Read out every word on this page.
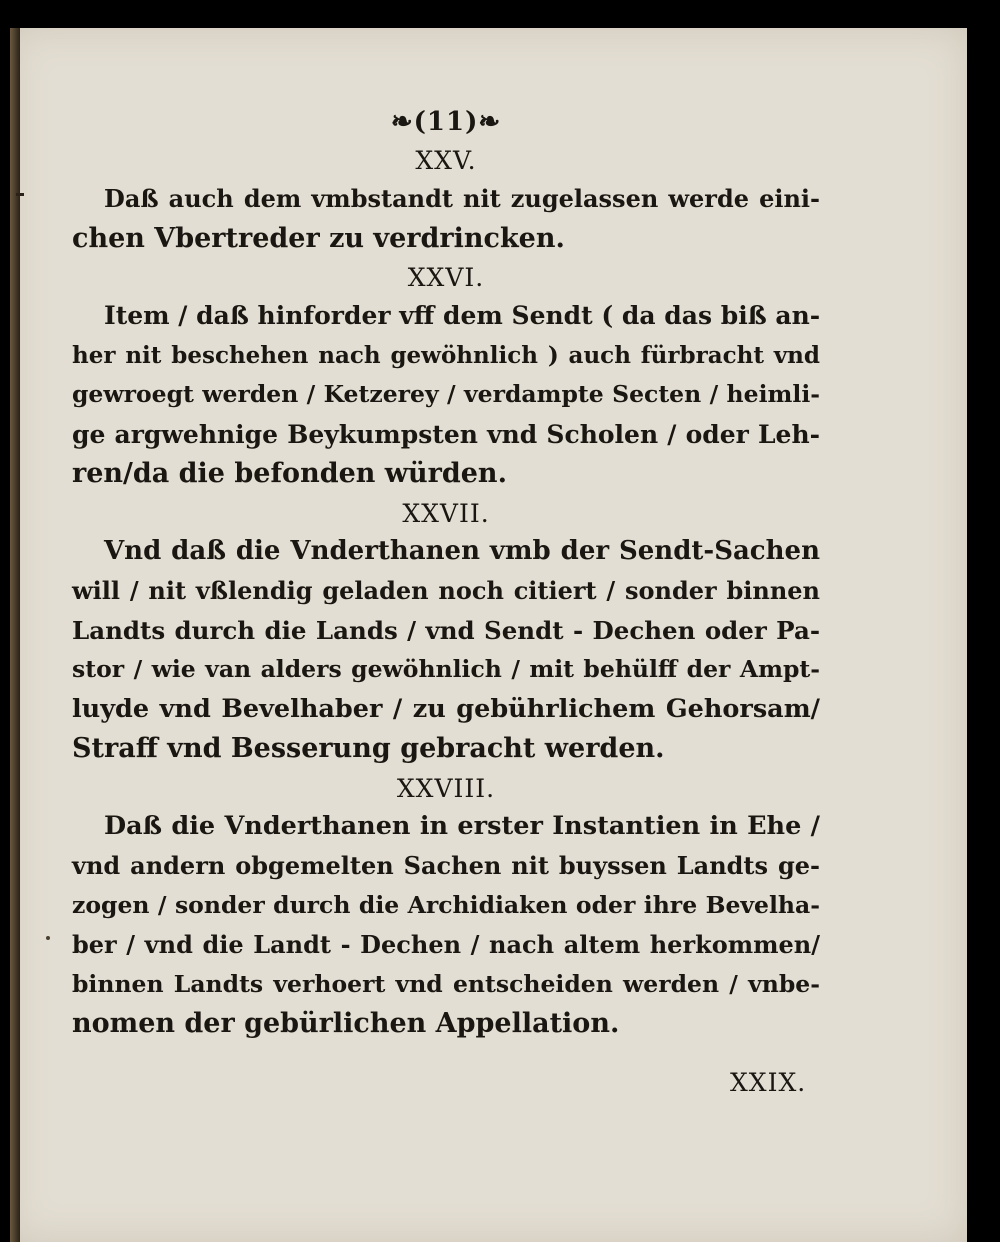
❧(11)❧
XXV.
Daß auch dem vmbstandt nit zugelassen werde eini-
chen Vbertreder zu verdrincken.
XXVI.
Item / daß hinforder vff dem Sendt ( da das biß an-
her nit beschehen nach gewöhnlich ) auch fürbracht vnd
gewroegt werden / Ketzerey / verdampte Secten / heimli-
ge argwehnige Beykumpsten vnd Scholen / oder Leh-
ren/da die befonden würden.
XXVII.
Vnd daß die Vnderthanen vmb der Sendt-Sachen
will / nit vßlendig geladen noch citiert / sonder binnen
Landts durch die Lands / vnd Sendt - Dechen oder Pa-
stor / wie van alders gewöhnlich / mit behülff der Ampt-
luyde vnd Bevelhaber / zu gebührlichem Gehorsam/
Straff vnd Besserung gebracht werden.
XXVIII.
Daß die Vnderthanen in erster Instantien in Ehe /
vnd andern obgemelten Sachen nit buyssen Landts ge-
zogen / sonder durch die Archidiaken oder ihre Bevelha-
ber / vnd die Landt - Dechen / nach altem herkommen/
binnen Landts verhoert vnd entscheiden werden / vnbe-
nomen der gebürlichen Appellation.
XXIX.
